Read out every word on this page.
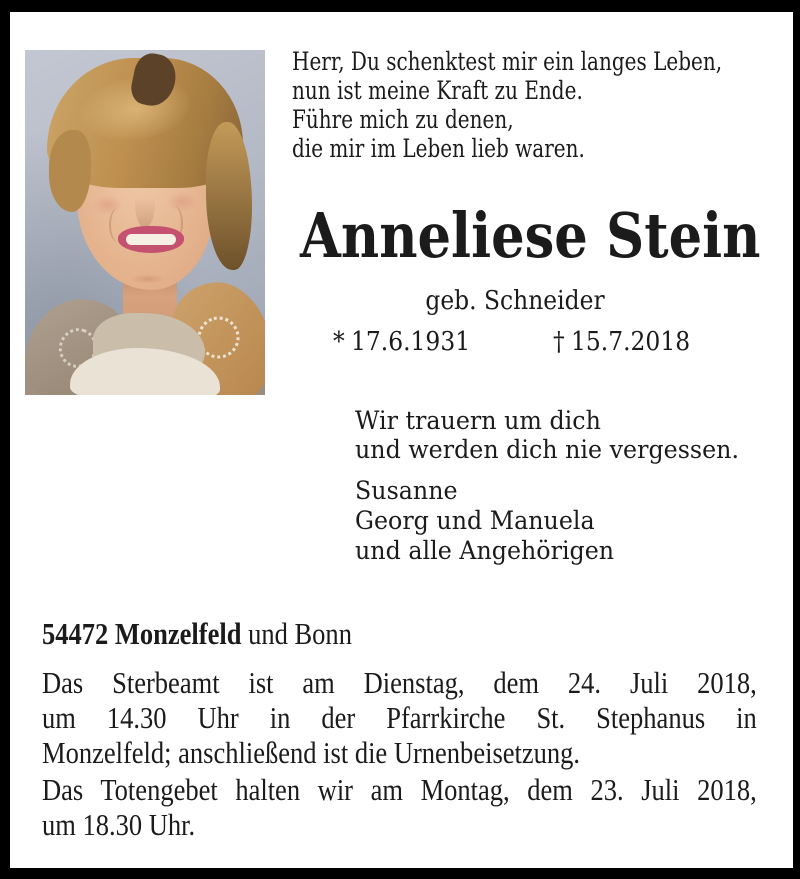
Herr, Du schenktest mir ein langes Leben,
nun ist meine Kraft zu Ende.
Führe mich zu denen,
die mir im Leben lieb waren.
Anneliese Stein
geb. Schneider
* 17.6.1931	† 15.7.2018
Wir trauern um dich
und werden dich nie vergessen.
Susanne
Georg und Manuela
und alle Angehörigen
54472 Monzelfeld und Bonn
Das Sterbeamt ist am Dienstag, dem 24. Juli 2018,
um 14.30 Uhr in der Pfarrkirche St. Stephanus in
Monzelfeld; anschließend ist die Urnenbeisetzung.
Das Totengebet halten wir am Montag, dem 23. Juli 2018,
um 18.30 Uhr.
